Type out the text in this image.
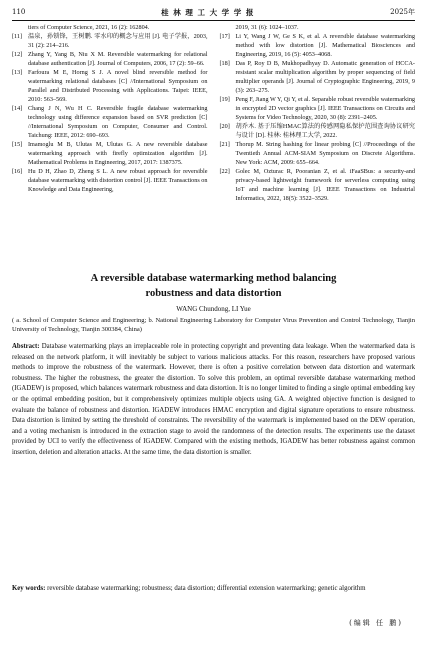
110	桂 林 理 工 大 学 学 报	2025年
tiers of Computer Science, 2021, 16 (2): 162804.
[11] 温泉，孙锁锋，王树鹏. 零水印的概念与应用 [J]. 电子学报，2003, 31 (2): 214–216.
[12] Zhang Y, Yang B, Niu X M. Reversible watermarking for relational database authentication [J]. Journal of Computers, 2006, 17 (2): 59–66.
[13] Farfoura M E, Horng S J. A novel blind reversible method for watermarking relational databases [C] //International Symposium on Parallel and Distributed Processing with Applications. Taipei: IEEE, 2010: 563–569.
[14] Chang J N, Wu H C. Reversible fragile database watermarking technology using difference expansion based on SVR prediction [C] //International Symposium on Computer, Consumer and Control. Taichung: IEEE, 2012: 690–693.
[15] Imamoglu M B, Ulutas M, Ulutas G. A new reversible database watermarking approach with firefly optimization algorithm [J]. Mathematical Problems in Engineering, 2017, 2017: 1387375.
[16] Hu D H, Zhao D, Zheng S L. A new robust approach for reversible database watermarking with distortion control [J]. IEEE Transactions on Knowledge and Data Engineering,
2019, 31 (6): 1024–1037.
[17] Li Y, Wang J W, Ge S K, et al. A reversible database watermarking method with low distortion [J]. Mathematical Biosciences and Engineering, 2019, 16 (5): 4053–4068.
[18] Das P, Roy D B, Mukhopadhyay D. Automatic generation of HCCA-resistant scalar multiplication algorithm by proper sequencing of field multiplier operands [J]. Journal of Cryptographic Engineering, 2019, 9 (3): 263–275.
[19] Peng F, Jiang W Y, Qi Y, et al. Separable robust reversible watermarking in encrypted 2D vector graphics [J]. IEEE Transactions on Circuits and Systems for Video Technology, 2020, 30 (8): 2391–2405.
[20] 胡乔木. 基于压缩HMAC算法的传感网隐私保护范围查询协议研究与设计 [D]. 桂林: 桂林理工大学, 2022.
[21] Thorup M. String hashing for linear probing [C] //Proceedings of the Twentieth Annual ACM-SIAM Symposium on Discrete Algorithms. New York: ACM, 2009: 655–664.
[22] Golec M, Ozturac R, Pooranian Z, et al. iFaaSBus: a security-and privacy-based lightweight framework for serverless computing using IoT and machine learning [J]. IEEE Transactions on Industrial Informatics, 2022, 18(5): 3522–3529.
A reversible database watermarking method balancing
robustness and data distortion
WANG Chundong, LI Yue
( a. School of Computer Science and Engineering; b. National Engineering Laboratory for Computer Virus Prevention and Control Technology, Tianjin University of Technology, Tianjin 300384, China)
Abstract: Database watermarking plays an irreplaceable role in protecting copyright and preventing data leakage. When the watermarked data is released on the network platform, it will inevitably be subject to various malicious attacks. For this reason, researchers have proposed various methods to improve the robustness of the watermark. However, there is often a positive correlation between data distortion and watermark robustness. The higher the robustness, the greater the distortion. To solve this problem, an optimal reversible database watermarking method (IGADEW) is proposed, which balances watermark robustness and data distortion. It is no longer limited to finding a single optimal embedding key or the optimal embedding position, but it comprehensively optimizes multiple objects using GA. A weighted objective function is designed to evaluate the balance of robustness and distortion. IGADEW introduces HMAC encryption and digital signature operations to ensure robustness. Data distortion is limited by setting the threshold of constraints. The reversibility of the watermark is implemented based on the DEW operation, and a voting mechanism is introduced in the extraction stage to avoid the randomness of the detection results. The experiments use the dataset provided by UCI to verify the effectiveness of IGADEW. Compared with the existing methods, IGADEW has better robustness against common insertion, deletion and alteration attacks. At the same time, the data distortion is smaller.
Key words: reversible database watermarking; robustness; data distortion; differential extension watermarking; genetic algorithm
(编辑 任 鹏)
